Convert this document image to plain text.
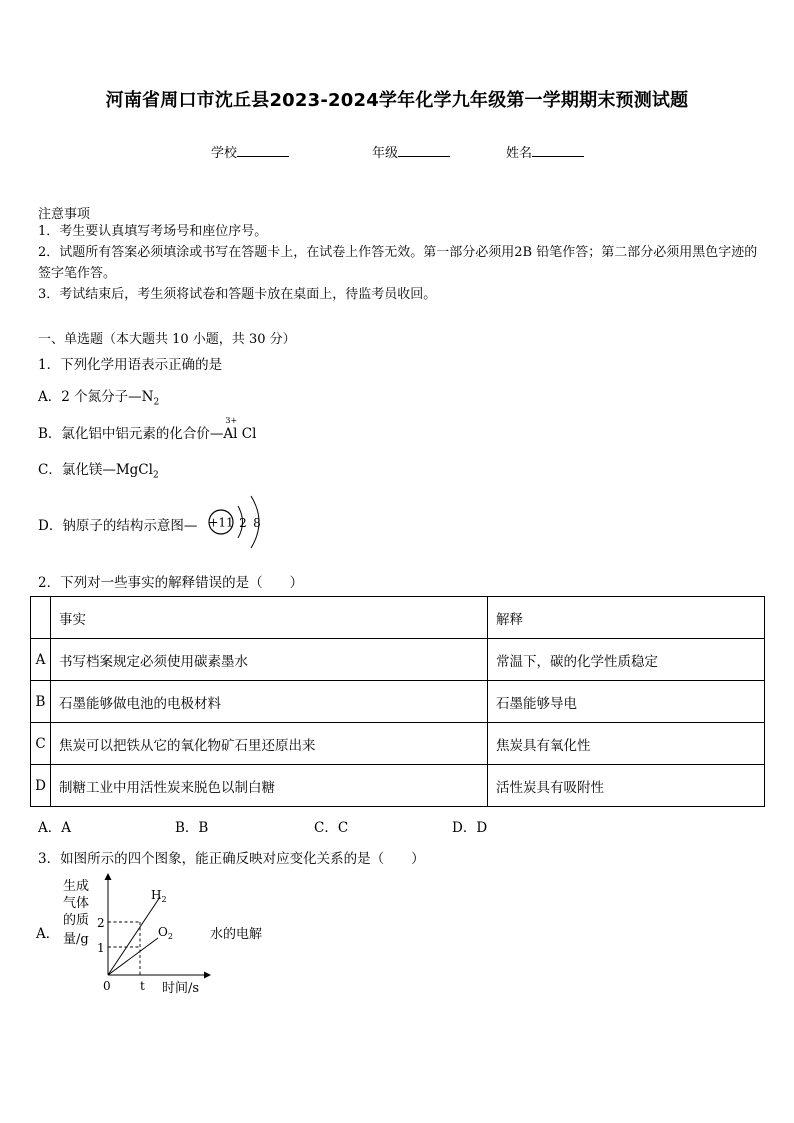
河南省周口市沈丘县2023-2024学年化学九年级第一学期期末预测试题
学校	年级	姓名
注意事项
1．考生要认真填写考场号和座位序号。
2．试题所有答案必须填涂或书写在答题卡上，在试卷上作答无效。第一部分必须用2B 铅笔作答；第二部分必须用黑色字迹的签字笔作答。
3．考试结束后，考生须将试卷和答题卡放在桌面上，待监考员收回。
一、单选题（本大题共 10 小题，共 30 分）
1．下列化学用语表示正确的是
A．2 个氮分子$—N_2$
B．氯化铝中铝元素的化合价—
3+
Al Cl
C．氯化镁—MgCl$_2$
D．钠原子的结构示意图— +11 2 8
2．下列对一些事实的解释错误的是（　　）
	事实	解释
A	书写档案规定必须使用碳素墨水	常温下，碳的化学性质稳定
B	石墨能够做电池的电极材料	石墨能够导电
C	焦炭可以把铁从它的氧化物矿石里还原出来	焦炭具有氧化性
D	制糖工业中用活性炭来脱色以制白糖	活性炭具有吸附性
A．A	B．B	C．C	D．D
3．如图所示的四个图象，能正确反映对应变化关系的是（　　）
A．
生成
气体
的质
量/g
2
1
0 t 时间/s
$H_2$
$O_2$	水的电解
